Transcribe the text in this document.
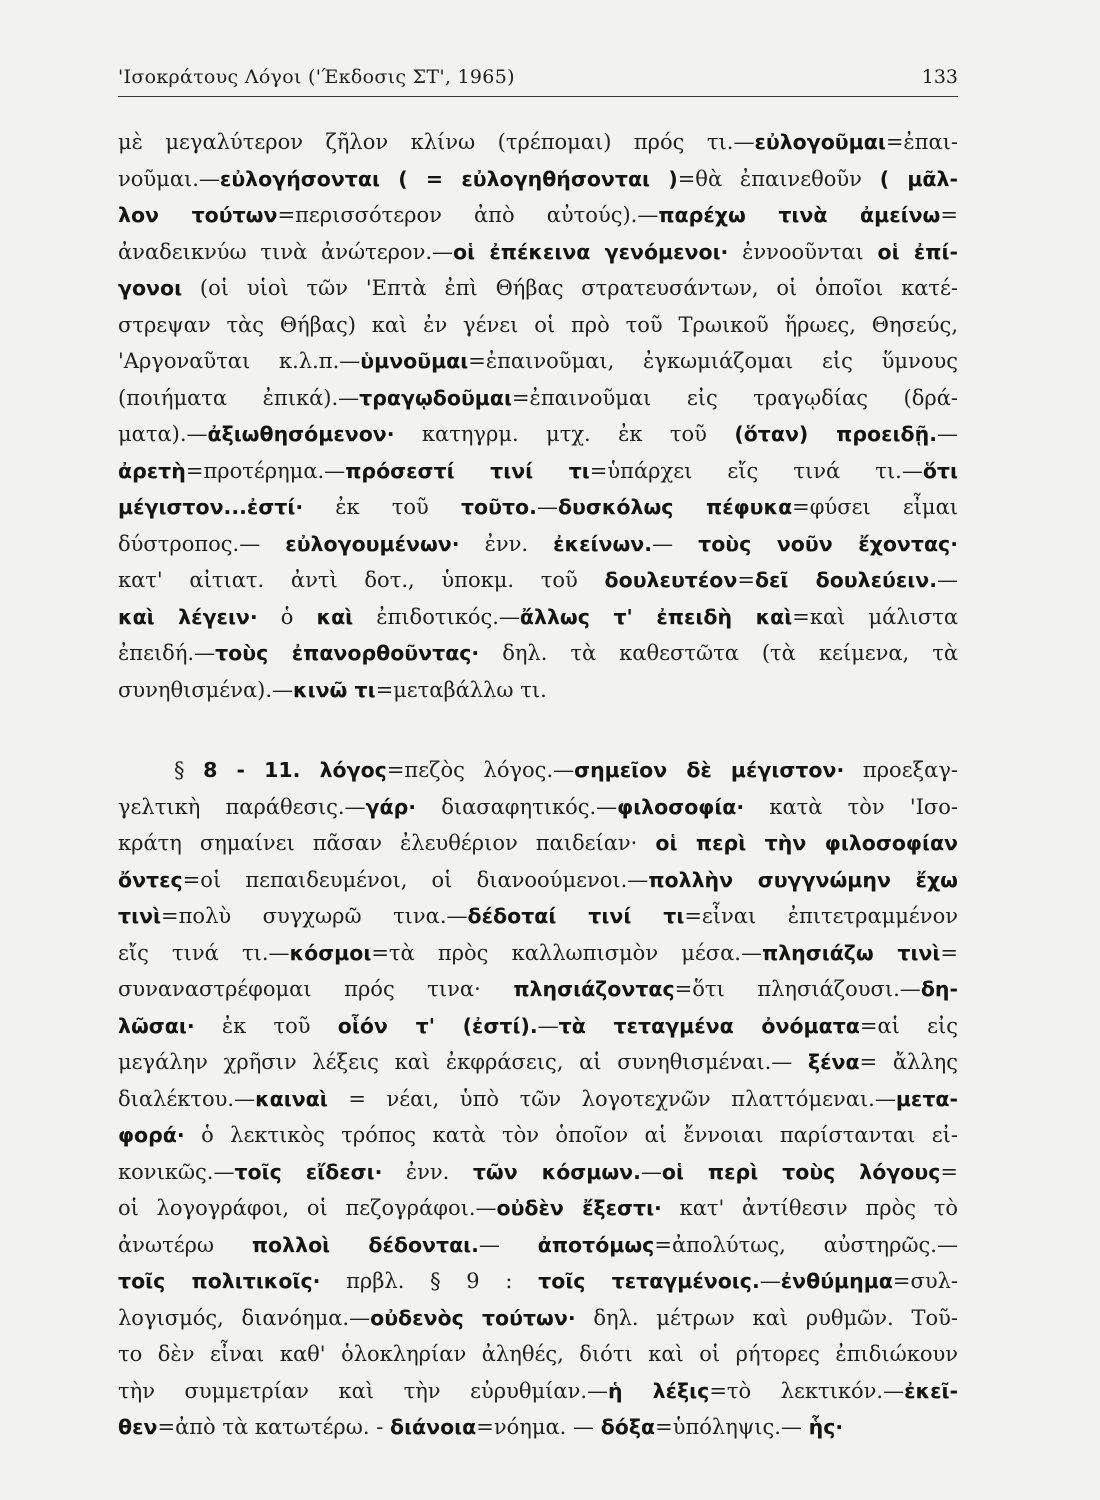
'Ισοκράτους Λόγοι ('Έκδοσις ΣΤ', 1965)	133
μὲ μεγαλύτερον ζῆλον κλίνω (τρέπομαι) πρός τι.—εὐλογοῦμαι=ἐπαι-
νοῦμαι.—εὐλογήσονται ( = εὐλογηθήσονται )=θὰ ἐπαινεθοῦν ( μᾶλ-
λον τούτων=περισσότερον ἀπὸ αὐτούς).—παρέχω τινὰ ἀμείνω=
ἀναδεικνύω τινὰ ἀνώτερον.—οἱ ἐπέκεινα γενόμενοι· ἐννοοῦνται οἱ ἐπί-
γονοι (οἱ υἱοὶ τῶν 'Επτὰ ἐπὶ Θήβας στρατευσάντων, οἱ ὁποῖοι κατέ-
στρεψαν τὰς Θήβας) καὶ ἐν γένει οἱ πρὸ τοῦ Τρωικοῦ ἥρωες, Θησεύς,
'Αργοναῦται κ.λ.π.—ὑμνοῦμαι=ἐπαινοῦμαι, ἐγκωμιάζομαι εἰς ὕμνους
(ποιήματα ἐπικά).—τραγῳδοῦμαι=ἐπαινοῦμαι εἰς τραγῳδίας (δρά-
ματα).—ἀξιωθησόμενον· κατηγρμ. μτχ. ἐκ τοῦ (ὅταν) προειδῇ.—
ἀρετὴ=προτέρημα.—πρόσεστί τινί τι=ὑπάρχει εἴς τινά τι.—ὅτι
μέγιστον...ἐστί· ἐκ τοῦ τοῦτο.—δυσκόλως πέφυκα=φύσει εἶμαι
δύστροπος.— εὐλογουμένων· ἐνν. ἐκείνων.— τοὺς νοῦν ἔχοντας·
κατ' αἰτιατ. ἀντὶ δοτ., ὑποκμ. τοῦ δουλευτέον=δεῖ δουλεύειν.—
καὶ λέγειν· ὁ καὶ ἐπιδοτικός.—ἄλλως τ' ἐπειδὴ καὶ=καὶ μάλιστα
ἐπειδή.—τοὺς ἐπανορθοῦντας· δηλ. τὰ καθεστῶτα (τὰ κείμενα, τὰ
συνηθισμένα).—κινῶ τι=μεταβάλλω τι.
§ 8 - 11. λόγος=πεζὸς λόγος.—σημεῖον δὲ μέγιστον· προεξαγ-
γελτικὴ παράθεσις.—γάρ· διασαφητικός.—φιλοσοφία· κατὰ τὸν 'Ισο-
κράτη σημαίνει πᾶσαν ἐλευθέριον παιδείαν· οἱ περὶ τὴν φιλοσοφίαν
ὄντες=οἱ πεπαιδευμένοι, οἱ διανοούμενοι.—πολλὴν συγγνώμην ἔχω
τινὶ=πολὺ συγχωρῶ τινα.—δέδοταί τινί τι=εἶναι ἐπιτετραμμένον
εἴς τινά τι.—κόσμοι=τὰ πρὸς καλλωπισμὸν μέσα.—πλησιάζω τινὶ=
συναναστρέφομαι πρός τινα· πλησιάζοντας=ὅτι πλησιάζουσι.—δη-
λῶσαι· ἐκ τοῦ οἷόν τ' (ἐστί).—τὰ τεταγμένα ὀνόματα=αἱ εἰς
μεγάλην χρῆσιν λέξεις καὶ ἐκφράσεις, αἱ συνηθισμέναι.— ξένα= ἄλλης
διαλέκτου.—καιναὶ = νέαι, ὑπὸ τῶν λογοτεχνῶν πλαττόμεναι.—μετα-
φορά· ὁ λεκτικὸς τρόπος κατὰ τὸν ὁποῖον αἱ ἔννοιαι παρίστανται εἰ-
κονικῶς.—τοῖς εἴδεσι· ἐνν. τῶν κόσμων.—οἱ περὶ τοὺς λόγους=
οἱ λογογράφοι, οἱ πεζογράφοι.—οὐδὲν ἔξεστι· κατ' ἀντίθεσιν πρὸς τὸ
ἀνωτέρω πολλοὶ δέδονται.— ἀποτόμως=ἀπολύτως, αὐστηρῶς.—
τοῖς πολιτικοῖς· πρβλ. § 9 : τοῖς τεταγμένοις.—ἐνθύμημα=συλ-
λογισμός, διανόημα.—οὐδενὸς τούτων· δηλ. μέτρων καὶ ρυθμῶν. Τοῦ-
το δὲν εἶναι καθ' ὁλοκληρίαν ἀληθές, διότι καὶ οἱ ρήτορες ἐπιδιώκουν
τὴν συμμετρίαν καὶ τὴν εὐρυθμίαν.—ἡ λέξις=τὸ λεκτικόν.—ἐκεῖ-
θεν=ἀπὸ τὰ κατωτέρω. - διάνοια=νόημα. — δόξα=ὑπόληψις.— ἧς·
